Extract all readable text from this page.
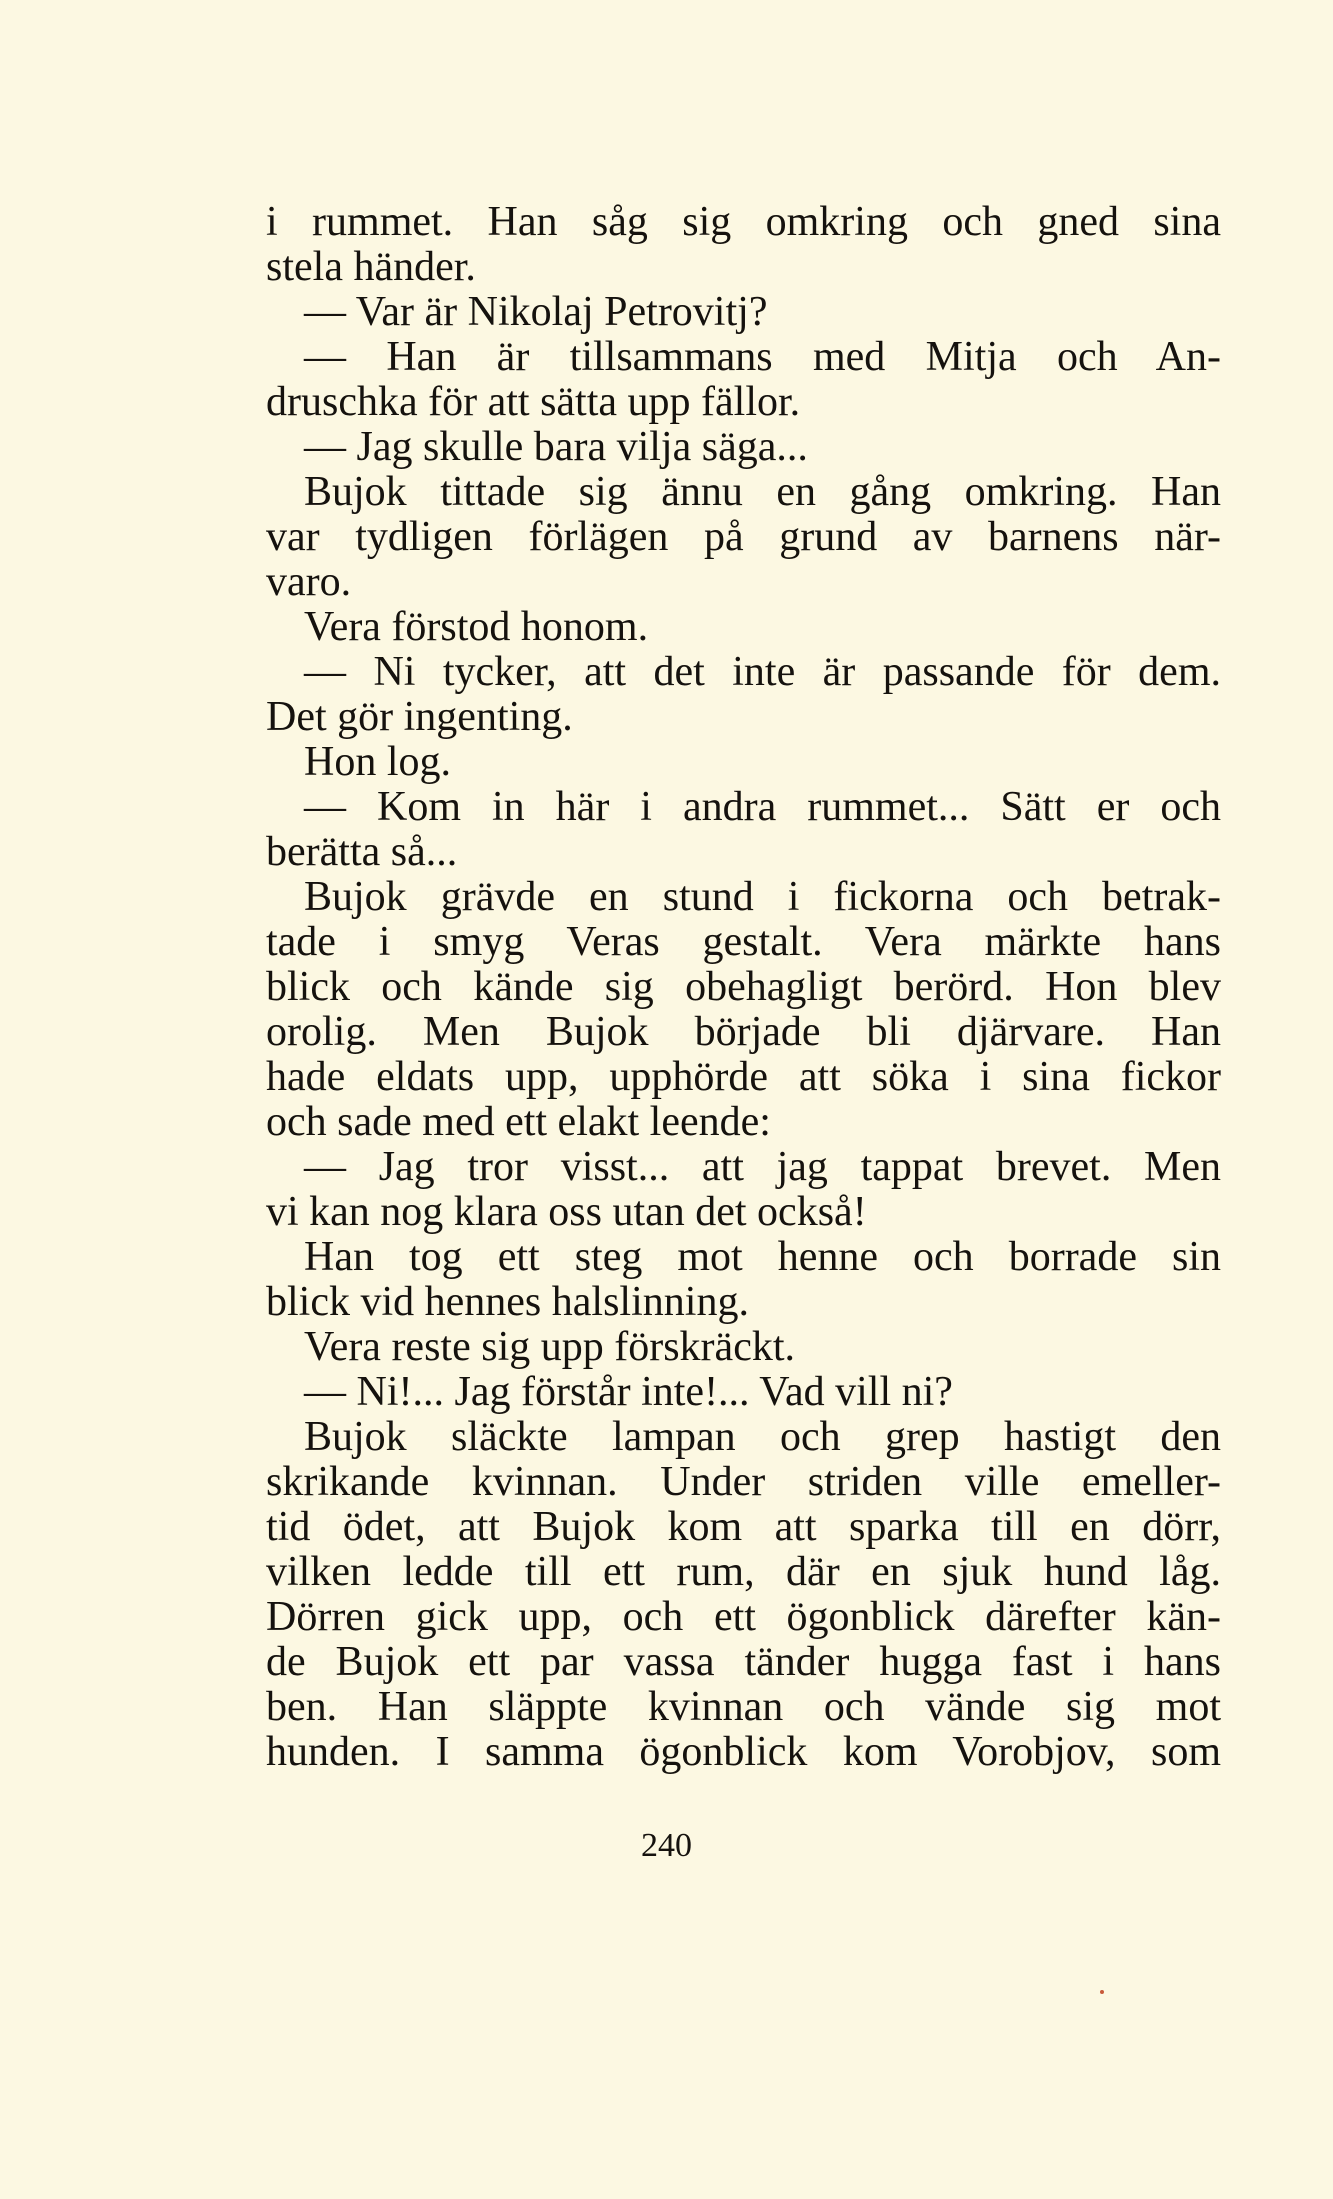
i rummet. Han såg sig omkring och gned sina
stela händer.
— Var är Nikolaj Petrovitj?
— Han är tillsammans med Mitja och An-
druschka för att sätta upp fällor.
— Jag skulle bara vilja säga...
Bujok tittade sig ännu en gång omkring. Han
var tydligen förlägen på grund av barnens när-
varo.
Vera förstod honom.
— Ni tycker, att det inte är passande för dem.
Det gör ingenting.
Hon log.
— Kom in här i andra rummet... Sätt er och
berätta så...
Bujok grävde en stund i fickorna och betrak-
tade i smyg Veras gestalt. Vera märkte hans
blick och kände sig obehagligt berörd. Hon blev
orolig. Men Bujok började bli djärvare. Han
hade eldats upp, upphörde att söka i sina fickor
och sade med ett elakt leende:
— Jag tror visst... att jag tappat brevet. Men
vi kan nog klara oss utan det också!
Han tog ett steg mot henne och borrade sin
blick vid hennes halslinning.
Vera reste sig upp förskräckt.
— Ni!... Jag förstår inte!... Vad vill ni?
Bujok släckte lampan och grep hastigt den
skrikande kvinnan. Under striden ville emeller-
tid ödet, att Bujok kom att sparka till en dörr,
vilken ledde till ett rum, där en sjuk hund låg.
Dörren gick upp, och ett ögonblick därefter kän-
de Bujok ett par vassa tänder hugga fast i hans
ben. Han släppte kvinnan och vände sig mot
hunden. I samma ögonblick kom Vorobjov, som
240
